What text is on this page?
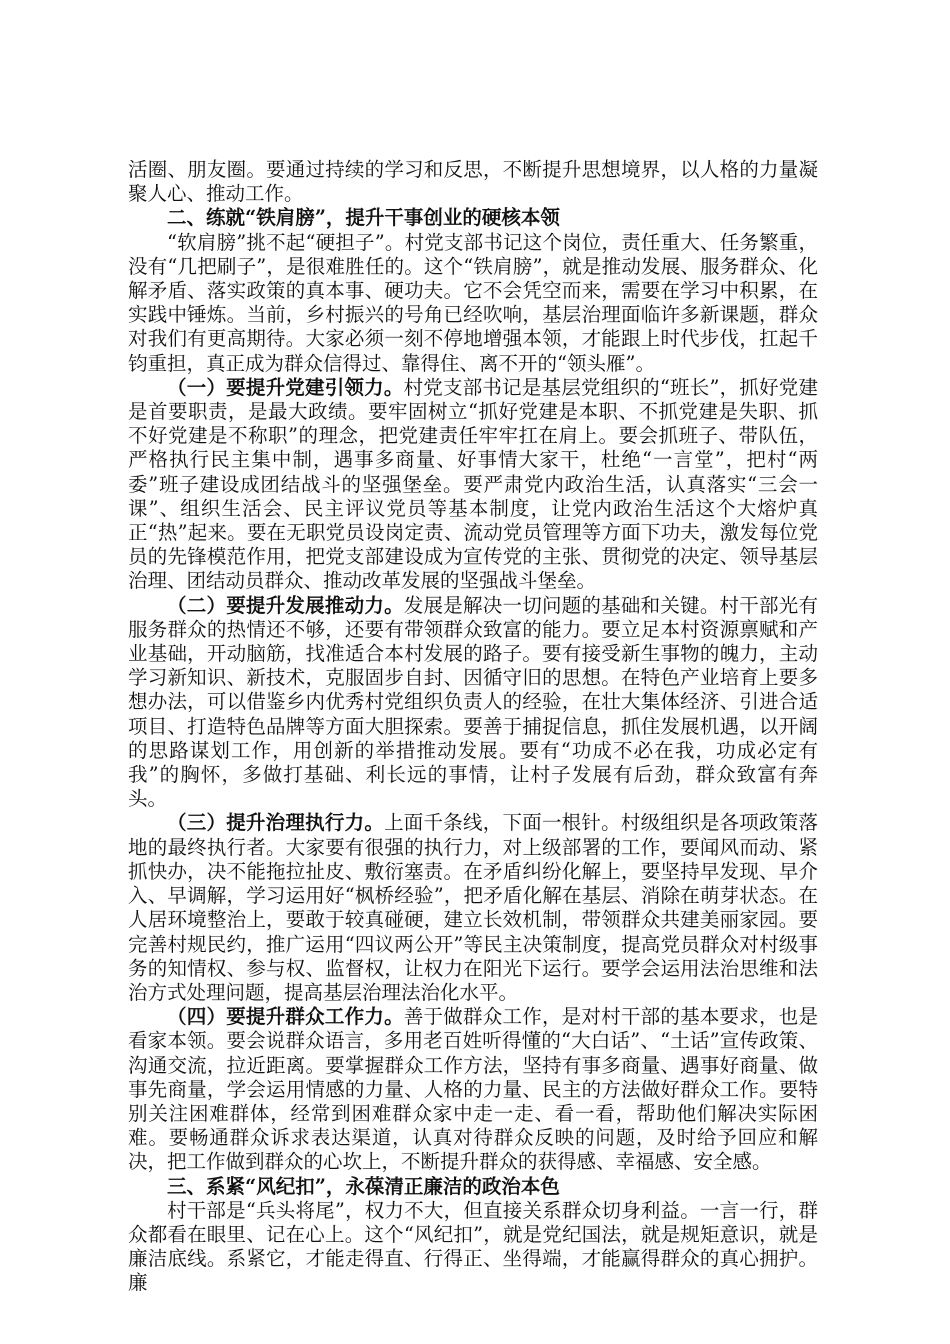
活圈、朋友圈。要通过持续的学习和反思，不断提升思想境界，以人格的力量凝聚人心、推动工作。

二、练就“铁肩膀”，提升干事创业的硬核本领

“软肩膀”挑不起“硬担子”。村党支部书记这个岗位，责任重大、任务繁重，没有“几把刷子”，是很难胜任的。这个“铁肩膀”，就是推动发展、服务群众、化解矛盾、落实政策的真本事、硬功夫。它不会凭空而来，需要在学习中积累，在实践中锤炼。当前，乡村振兴的号角已经吹响，基层治理面临许多新课题，群众对我们有更高期待。大家必须一刻不停地增强本领，才能跟上时代步伐，扛起千钧重担，真正成为群众信得过、靠得住、离不开的“领头雁”。

（一）要提升党建引领力。村党支部书记是基层党组织的“班长”，抓好党建是首要职责，是最大政绩。要牢固树立“抓好党建是本职、不抓党建是失职、抓不好党建是不称职”的理念，把党建责任牢牢扛在肩上。要会抓班子、带队伍，严格执行民主集中制，遇事多商量、好事情大家干，杜绝“一言堂”，把村“两委”班子建设成团结战斗的坚强堡垒。要严肃党内政治生活，认真落实“三会一课”、组织生活会、民主评议党员等基本制度，让党内政治生活这个大熔炉真正“热”起来。要在无职党员设岗定责、流动党员管理等方面下功夫，激发每位党员的先锋模范作用，把党支部建设成为宣传党的主张、贯彻党的决定、领导基层治理、团结动员群众、推动改革发展的坚强战斗堡垒。

（二）要提升发展推动力。发展是解决一切问题的基础和关键。村干部光有服务群众的热情还不够，还要有带领群众致富的能力。要立足本村资源禀赋和产业基础，开动脑筋，找准适合本村发展的路子。要有接受新生事物的魄力，主动学习新知识、新技术，克服固步自封、因循守旧的思想。在特色产业培育上要多想办法，可以借鉴乡内优秀村党组织负责人的经验，在壮大集体经济、引进合适项目、打造特色品牌等方面大胆探索。要善于捕捉信息，抓住发展机遇，以开阔的思路谋划工作，用创新的举措推动发展。要有“功成不必在我，功成必定有我”的胸怀，多做打基础、利长远的事情，让村子发展有后劲，群众致富有奔头。

（三）提升治理执行力。上面千条线，下面一根针。村级组织是各项政策落地的最终执行者。大家要有很强的执行力，对上级部署的工作，要闻风而动、紧抓快办，决不能拖拉扯皮、敷衍塞责。在矛盾纠纷化解上，要坚持早发现、早介入、早调解，学习运用好“枫桥经验”，把矛盾化解在基层、消除在萌芽状态。在人居环境整治上，要敢于较真碰硬，建立长效机制，带领群众共建美丽家园。要完善村规民约，推广运用“四议两公开”等民主决策制度，提高党员群众对村级事务的知情权、参与权、监督权，让权力在阳光下运行。要学会运用法治思维和法治方式处理问题，提高基层治理法治化水平。

（四）要提升群众工作力。善于做群众工作，是对村干部的基本要求，也是看家本领。要会说群众语言，多用老百姓听得懂的“大白话”、“土话”宣传政策、沟通交流，拉近距离。要掌握群众工作方法，坚持有事多商量、遇事好商量、做事先商量，学会运用情感的力量、人格的力量、民主的方法做好群众工作。要特别关注困难群体，经常到困难群众家中走一走、看一看，帮助他们解决实际困难。要畅通群众诉求表达渠道，认真对待群众反映的问题，及时给予回应和解决，把工作做到群众的心坎上，不断提升群众的获得感、幸福感、安全感。

三、系紧“风纪扣”，永葆清正廉洁的政治本色

村干部是“兵头将尾”，权力不大，但直接关系群众切身利益。一言一行，群众都看在眼里、记在心上。这个“风纪扣”，就是党纪国法，就是规矩意识，就是廉洁底线。系紧它，才能走得直、行得正、坐得端，才能赢得群众的真心拥护。廉
